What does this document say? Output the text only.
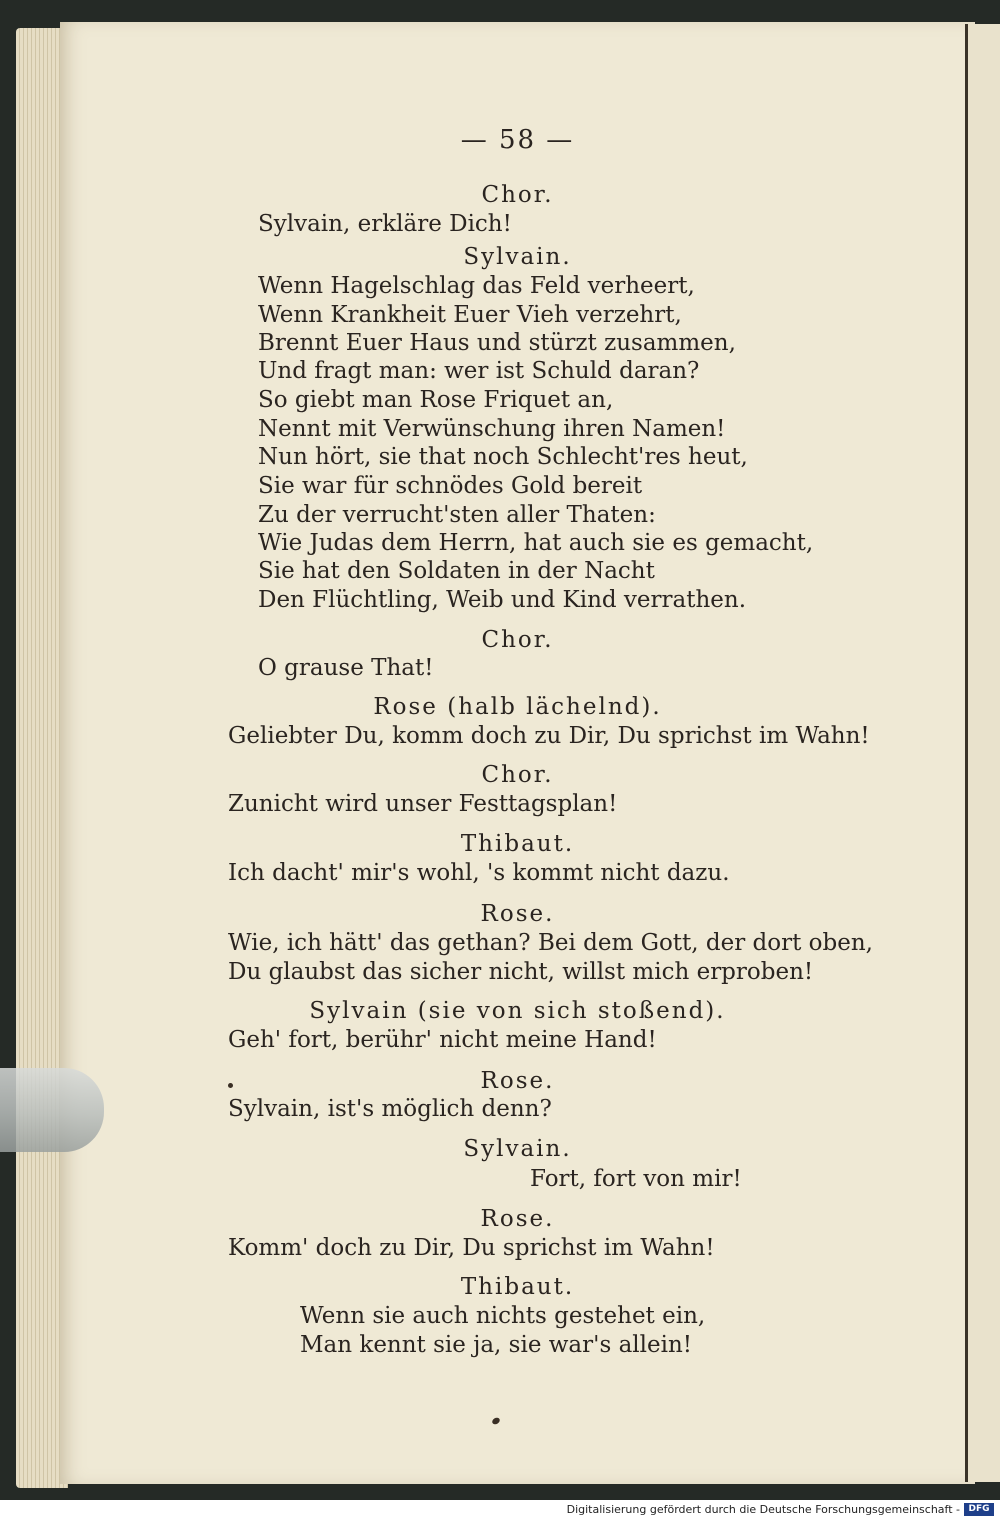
— 58 —
Chor.
Sylvain, erkläre Dich!
Sylvain.
Wenn Hagelschlag das Feld verheert,
Wenn Krankheit Euer Vieh verzehrt,
Brennt Euer Haus und stürzt zusammen,
Und fragt man: wer ist Schuld daran?
So giebt man Rose Friquet an,
Nennt mit Verwünschung ihren Namen!
Nun hört, sie that noch Schlecht'res heut,
Sie war für schnödes Gold bereit
Zu der verrucht'sten aller Thaten:
Wie Judas dem Herrn, hat auch sie es gemacht,
Sie hat den Soldaten in der Nacht
Den Flüchtling, Weib und Kind verrathen.
Chor.
O grause That!
Rose (halb lächelnd).
Geliebter Du, komm doch zu Dir, Du sprichst im Wahn!
Chor.
Zunicht wird unser Festtagsplan!
Thibaut.
Ich dacht' mir's wohl, 's kommt nicht dazu.
Rose.
Wie, ich hätt' das gethan? Bei dem Gott, der dort oben,
Du glaubst das sicher nicht, willst mich erproben!
Sylvain (sie von sich stoßend).
Geh' fort, berühr' nicht meine Hand!
Rose.
Sylvain, ist's möglich denn?
Sylvain.
Fort, fort von mir!
Rose.
Komm' doch zu Dir, Du sprichst im Wahn!
Thibaut.
Wenn sie auch nichts gestehet ein,
Man kennt sie ja, sie war's allein!
Digitalisierung gefördert durch die Deutsche Forschungsgemeinschaft - DFG
